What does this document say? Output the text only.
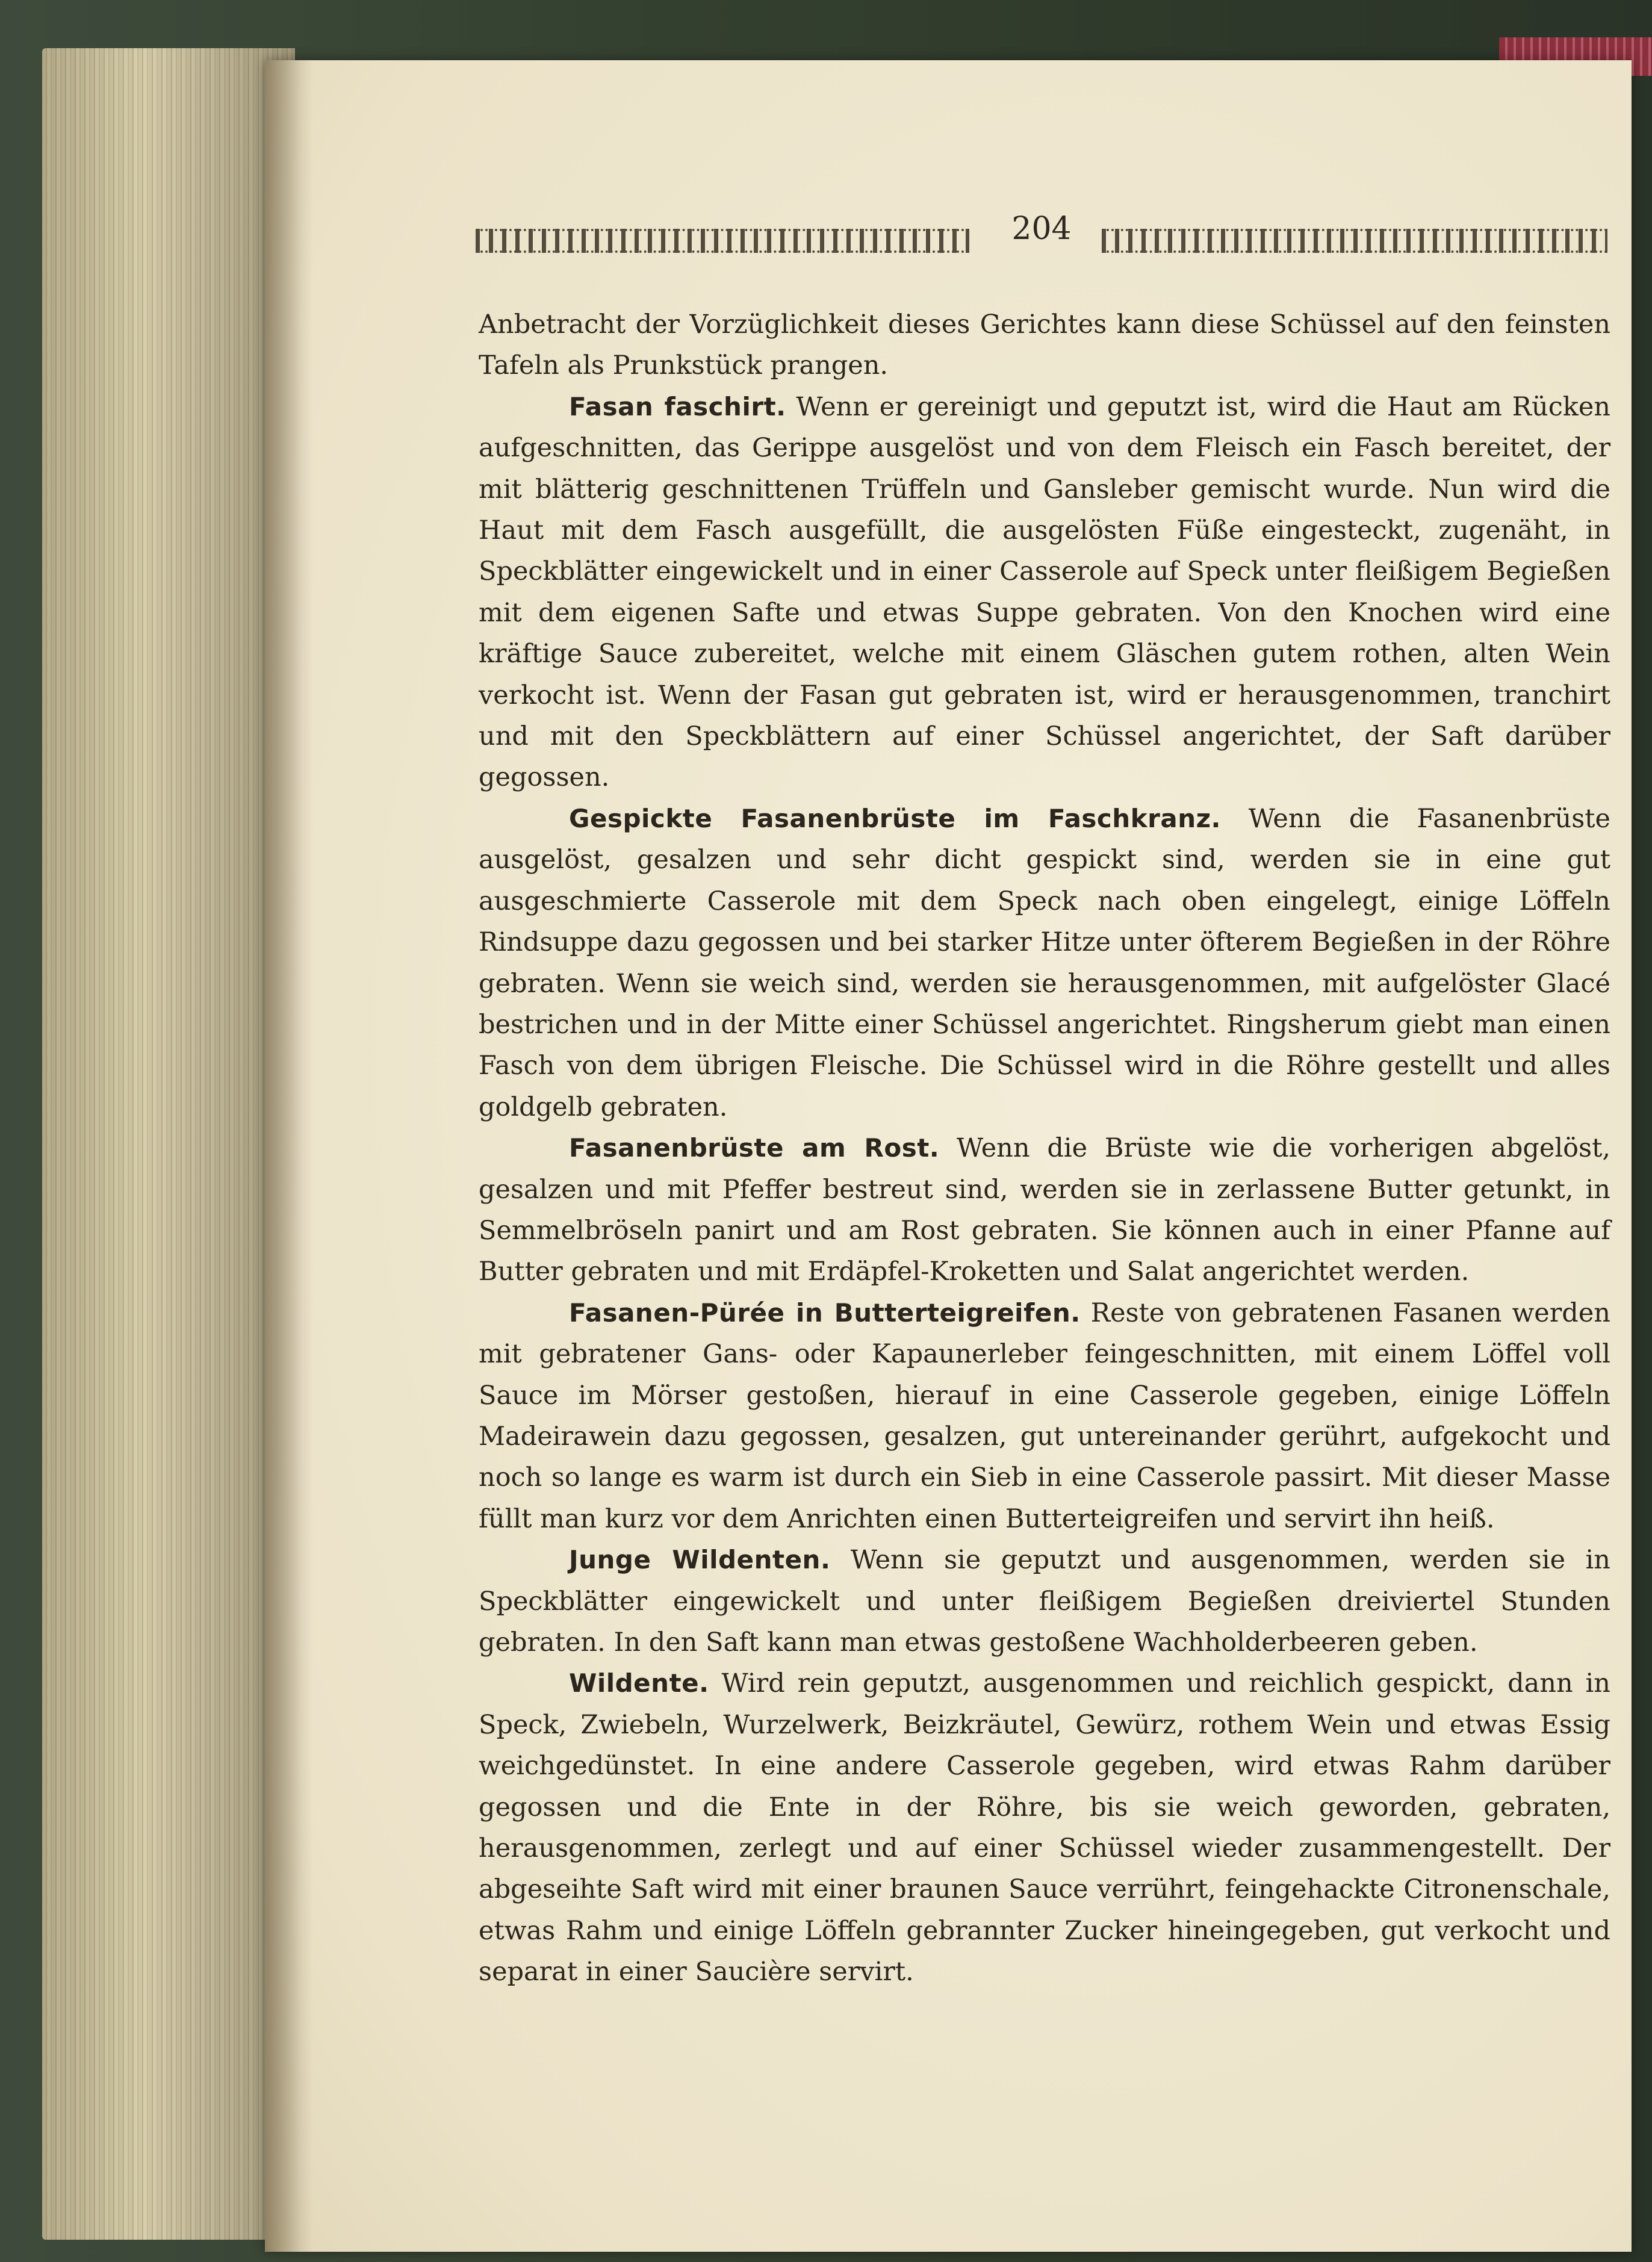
204

Anbetracht der Vorzüglichkeit dieses Gerichtes kann diese Schüssel auf den feinsten Tafeln als Prunkstück prangen.

Fasan faschirt. Wenn er gereinigt und geputzt ist, wird die Haut am Rücken aufgeschnitten, das Gerippe ausgelöst und von dem Fleisch ein Fasch bereitet, der mit blätterig geschnittenen Trüffeln und Gansleber gemischt wurde. Nun wird die Haut mit dem Fasch ausgefüllt, die ausgelösten Füße eingesteckt, zugenäht, in Speckblätter eingewickelt und in einer Casserole auf Speck unter fleißigem Begießen mit dem eigenen Safte und etwas Suppe gebraten. Von den Knochen wird eine kräftige Sauce zubereitet, welche mit einem Gläschen gutem rothen, alten Wein verkocht ist. Wenn der Fasan gut gebraten ist, wird er herausgenommen, tranchirt und mit den Speckblättern auf einer Schüssel angerichtet, der Saft darüber gegossen.

Gespickte Fasanenbrüste im Faschkranz. Wenn die Fasanenbrüste ausgelöst, gesalzen und sehr dicht gespickt sind, werden sie in eine gut ausgeschmierte Casserole mit dem Speck nach oben eingelegt, einige Löffeln Rindsuppe dazu gegossen und bei starker Hitze unter öfterem Begießen in der Röhre gebraten. Wenn sie weich sind, werden sie herausgenommen, mit aufgelöster Glacé bestrichen und in der Mitte einer Schüssel angerichtet. Ringsherum giebt man einen Fasch von dem übrigen Fleische. Die Schüssel wird in die Röhre gestellt und alles goldgelb gebraten.

Fasanenbrüste am Rost. Wenn die Brüste wie die vorherigen abgelöst, gesalzen und mit Pfeffer bestreut sind, werden sie in zerlassene Butter getunkt, in Semmelbröseln panirt und am Rost gebraten. Sie können auch in einer Pfanne auf Butter gebraten und mit Erdäpfel-Kroketten und Salat angerichtet werden.

Fasanen-Pürée in Butterteigreifen. Reste von gebratenen Fasanen werden mit gebratener Gans- oder Kapaunerleber feingeschnitten, mit einem Löffel voll Sauce im Mörser gestoßen, hierauf in eine Casserole gegeben, einige Löffeln Madeirawein dazu gegossen, gesalzen, gut untereinander gerührt, aufgekocht und noch so lange es warm ist durch ein Sieb in eine Casserole passirt. Mit dieser Masse füllt man kurz vor dem Anrichten einen Butterteigreifen und servirt ihn heiß.

Junge Wildenten. Wenn sie geputzt und ausgenommen, werden sie in Speckblätter eingewickelt und unter fleißigem Begießen dreiviertel Stunden gebraten. In den Saft kann man etwas gestoßene Wachholderbeeren geben.

Wildente. Wird rein geputzt, ausgenommen und reichlich gespickt, dann in Speck, Zwiebeln, Wurzelwerk, Beizkräutel, Gewürz, rothem Wein und etwas Essig weichgedünstet. In eine andere Casserole gegeben, wird etwas Rahm darüber gegossen und die Ente in der Röhre, bis sie weich geworden, gebraten, herausgenommen, zerlegt und auf einer Schüssel wieder zusammengestellt. Der abgeseihte Saft wird mit einer braunen Sauce verrührt, feingehackte Citronenschale, etwas Rahm und einige Löffeln gebrannter Zucker hineingegeben, gut verkocht und separat in einer Saucière servirt.
